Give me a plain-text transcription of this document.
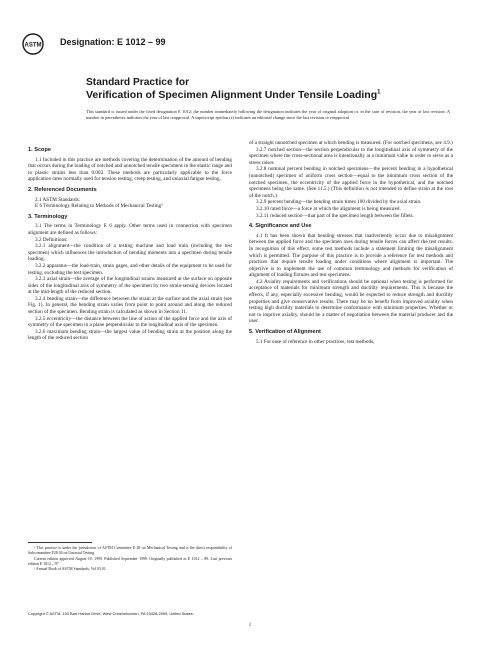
ASTM Designation: E 1012 – 99
Standard Practice for
Verification of Specimen Alignment Under Tensile Loading$^1$
This standard is issued under the fixed designation E 1012; the number immediately following the designation indicates the year of original adoption or, in the case of revision, the year of last revision. A number in parentheses indicates the year of last reapproval. A superscript epsilon (ε) indicates an editorial change since the last revision or reapproval.
1. Scope
1.1 Included in this practice are methods covering the determination of the amount of bending that occurs during the loading of notched and unnotched tensile specimens in the elastic range and to plastic strains less than 0.002. These methods are particularly applicable to the force application rates normally used for tension testing, creep testing, and uniaxial fatigue testing.
2. Referenced Documents
2.1 ASTM Standards:
E 6 Terminology Relating to Methods of Mechanical Testing²
3. Terminology
3.1 The terms in Terminology E 6 apply. Other terms used in connection with specimen alignment are defined as follows:
3.2 Definitions:
3.2.1 alignment—the condition of a testing machine and load train (including the test specimen) which influences the introduction of bending moments into a specimen during tensile loading.
3.2.2 apparatus—the load-train, strain gages, and other details of the equipment to be used for testing, excluding the test specimen.
3.2.3 axial strain—the average of the longitudinal strains measured at the surface on opposite sides of the longitudinal axis of symmetry of the specimen by two strain-sensing devices located at the mid-length of the reduced section.
3.2.4 bending strain—the difference between the strain at the surface and the axial strain (see Fig. 1). In general, the bending strain varies from point to point around and along the reduced section of the specimen. Bending strain is calculated as shown in Section 11.
3.2.5 eccentricity—the distance between the line of action of the applied force and the axis of symmetry of the specimen in a plane perpendicular to the longitudinal axis of the specimen.
3.2.6 maximum bending strain—the largest value of bending strain at the position along the length of the reduced section
of a straight unnotched specimen at which bending is measured. (For notched specimens, see 4.9.)
3.2.7 notched section—the section perpendicular to the longitudinal axis of symmetry of the specimen where the cross-sectional area is intentionally at a minimum value in order to serve as a stress raiser.
3.2.8 nominal percent bending in notched specimens—the percent bending in a hypothetical (unnotched) specimen of uniform cross section—equal to the minimum cross section of the notched specimen, the eccentricity of the applied force in the hypothetical, and the notched specimens being the same. (See 11.5.) (This definition is not intended to define strain at the root of the notch.)
3.2.9 percent bending—the bending strain times 100 divided by the axial strain.
3.2.10 rated force—a force at which the alignment is being measured.
3.2.11 reduced section—that part of the specimen length between the fillets.
4. Significance and Use
4.1 It has been shown that bending stresses that inadvertently occur due to misalignment between the applied force and the specimen axes during tensile forces can affect the test results. In recognition of this effect, some test methods include a statement limiting the misalignment which is permitted. The purpose of this practice is to provide a reference for test methods and practices that require tensile loading under conditions where alignment is important. The objective is to implement the use of common terminology and methods for verification of alignment of loading fixtures and test specimens.
4.2 Axiality requirements and verifications should be optional when testing is performed for acceptance of materials for minimum strength and ductility requirements. This is because the effects, if any, especially excessive bending, would be expected to reduce strength and ductility properties and give conservative results. There may be no benefit from improved axiality when testing high ductility materials to determine conformance with minimum properties. Whether or not to improve axiality, should be a matter of negotiation between the material producer and the user.
5. Verification of Alignment
5.1 For ease of reference in other practices, test methods,
¹ This practice is under the jurisdiction of ASTM Committee E-28 on Mechanical Testing and is the direct responsibility of Subcommittee E28.04 on Uniaxial Testing.
Current edition approved August 10, 1999. Published September 1999. Originally published as E 1012 – 89. Last previous edition E 1012 – 97.
² Annual Book of ASTM Standards, Vol 03.01.
Copyright © ASTM, 100 Barr Harbor Drive, West Conshohocken, PA 19428-2959, United States.
1
